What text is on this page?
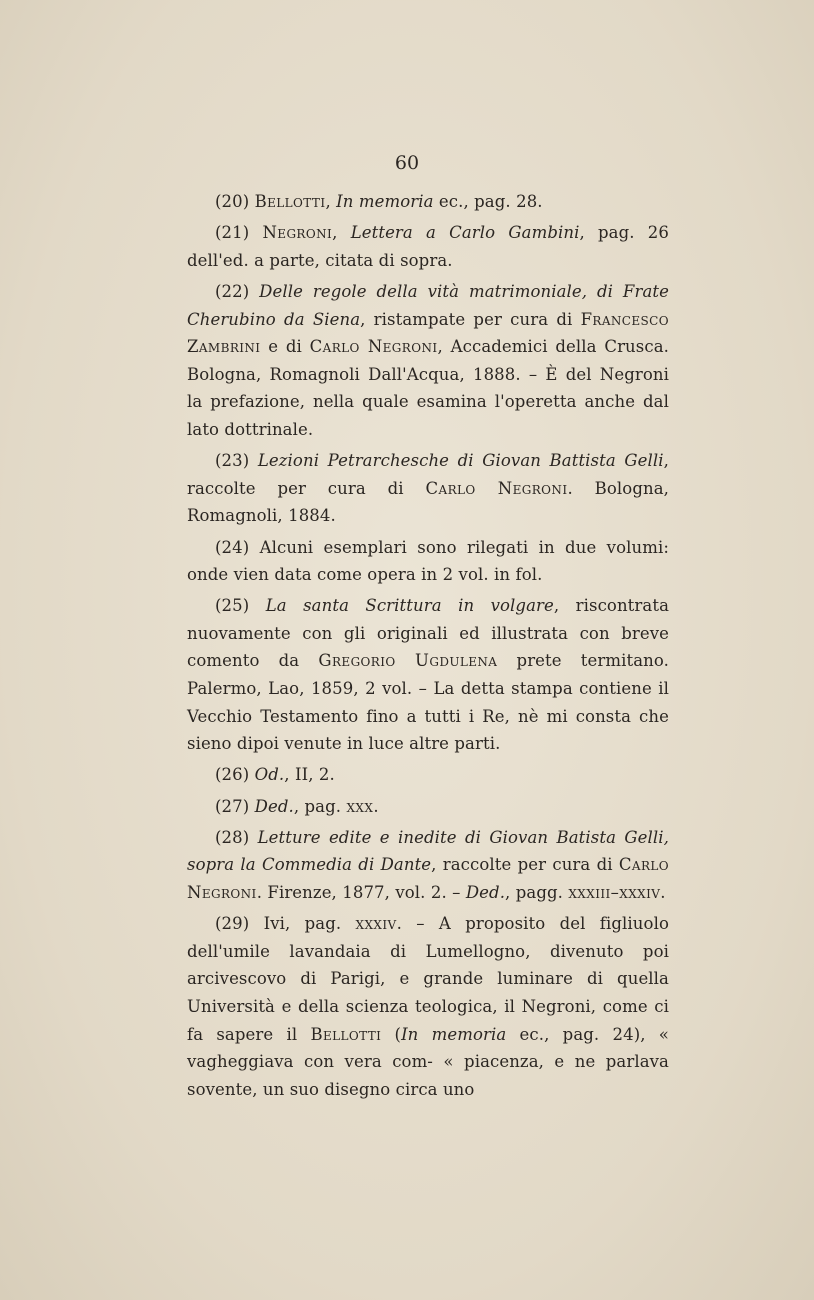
60

(20) Bellotti, In memoria ec., pag. 28.

(21) Negroni, Lettera a Carlo Gambini, pag. 26 dell'ed. a parte, citata di sopra.

(22) Delle regole della vità matrimoniale, di Frate Cherubino da Siena, ristampate per cura di Francesco Zambrini e di Carlo Negroni, Accademici della Crusca. Bologna, Romagnoli Dall'Acqua, 1888. – È del Negroni la prefazione, nella quale esamina l'operetta anche dal lato dottrinale.

(23) Lezioni Petrarchesche di Giovan Battista Gelli, raccolte per cura di Carlo Negroni. Bologna, Romagnoli, 1884.

(24) Alcuni esemplari sono rilegati in due volumi: onde vien data come opera in 2 vol. in fol.

(25) La santa Scrittura in volgare, riscontrata nuovamente con gli originali ed illustrata con breve comento da Gregorio Ugdulena prete termitano. Palermo, Lao, 1859, 2 vol. – La detta stampa contiene il Vecchio Testamento fino a tutti i Re, nè mi consta che sieno dipoi venute in luce altre parti.

(26) Od., II, 2.

(27) Ded., pag. xxx.

(28) Letture edite e inedite di Giovan Batista Gelli, sopra la Commedia di Dante, raccolte per cura di Carlo Negroni. Firenze, 1877, vol. 2. – Ded., pagg. xxxiii–xxxiv.

(29) Ivi, pag. xxxiv. – A proposito del figliuolo dell'umile lavandaia di Lumellogno, divenuto poi arcivescovo di Parigi, e grande luminare di quella Università e della scienza teologica, il Negroni, come ci fa sapere il Bellotti (In memoria ec., pag. 24), « vagheggiava con vera com- « piacenza, e ne parlava sovente, un suo disegno circa uno
